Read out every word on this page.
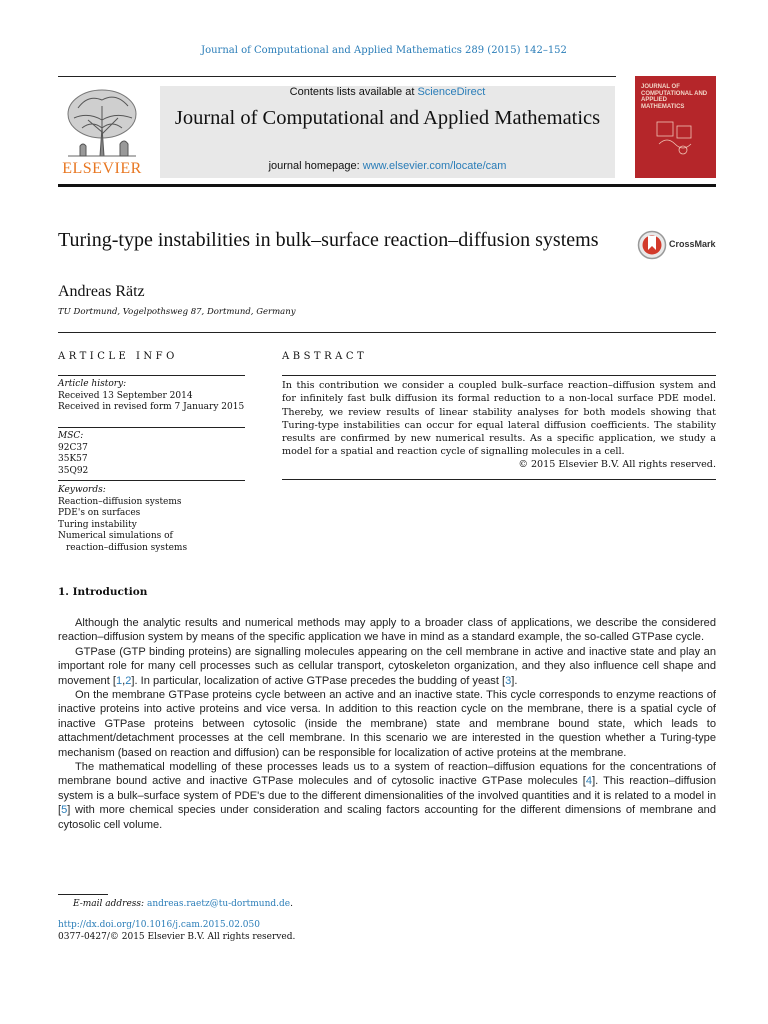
Journal of Computational and Applied Mathematics 289 (2015) 142–152
Contents lists available at ScienceDirect
Journal of Computational and Applied Mathematics
journal homepage: www.elsevier.com/locate/cam
ELSEVIER
JOURNAL OF COMPUTATIONAL AND APPLIED MATHEMATICS
Turing-type instabilities in bulk–surface reaction–diffusion systems	CrossMark
Andreas Rätz
TU Dortmund, Vogelpothsweg 87, Dortmund, Germany
ARTICLE INFO	ABSTRACT
Article history:
Received 13 September 2014
Received in revised form 7 January 2015
MSC:
92C37
35K57
35Q92
Keywords:
Reaction–diffusion systems
PDE's on surfaces
Turing instability
Numerical simulations of
reaction–diffusion systems
In this contribution we consider a coupled bulk–surface reaction–diffusion system and for infinitely fast bulk diffusion its formal reduction to a non-local surface PDE model. Thereby, we review results of linear stability analyses for both models showing that Turing-type instabilities can occur for equal lateral diffusion coefficients. The stability results are confirmed by new numerical results. As a specific application, we study a model for a spatial and reaction cycle of signalling molecules in a cell.
© 2015 Elsevier B.V. All rights reserved.
1. Introduction

Although the analytic results and numerical methods may apply to a broader class of applications, we describe the considered reaction–diffusion system by means of the specific application we have in mind as a standard example, the so-called GTPase cycle.

GTPase (GTP binding proteins) are signalling molecules appearing on the cell membrane in active and inactive state and play an important role for many cell processes such as cellular transport, cytoskeleton organization, and they also influence cell shape and movement [1,2]. In particular, localization of active GTPase precedes the budding of yeast [3].

On the membrane GTPase proteins cycle between an active and an inactive state. This cycle corresponds to enzyme reactions of inactive proteins into active proteins and vice versa. In addition to this reaction cycle on the membrane, there is a spatial cycle of inactive GTPase proteins between cytosolic (inside the membrane) state and membrane bound state, which leads to attachment/detachment processes at the cell membrane. In this scenario we are interested in the question whether a Turing-type mechanism (based on reaction and diffusion) can be responsible for localization of active proteins at the membrane.

The mathematical modelling of these processes leads us to a system of reaction–diffusion equations for the concentrations of membrane bound active and inactive GTPase molecules and of cytosolic inactive GTPase molecules [4]. This reaction–diffusion system is a bulk–surface system of PDE's due to the different dimensionalities of the involved quantities and it is related to a model in [5] with more chemical species under consideration and scaling factors accounting for the different dimensions of membrane and cytosolic cell volume.

E-mail address: andreas.raetz@tu-dortmund.de.
http://dx.doi.org/10.1016/j.cam.2015.02.050
0377-0427/© 2015 Elsevier B.V. All rights reserved.
